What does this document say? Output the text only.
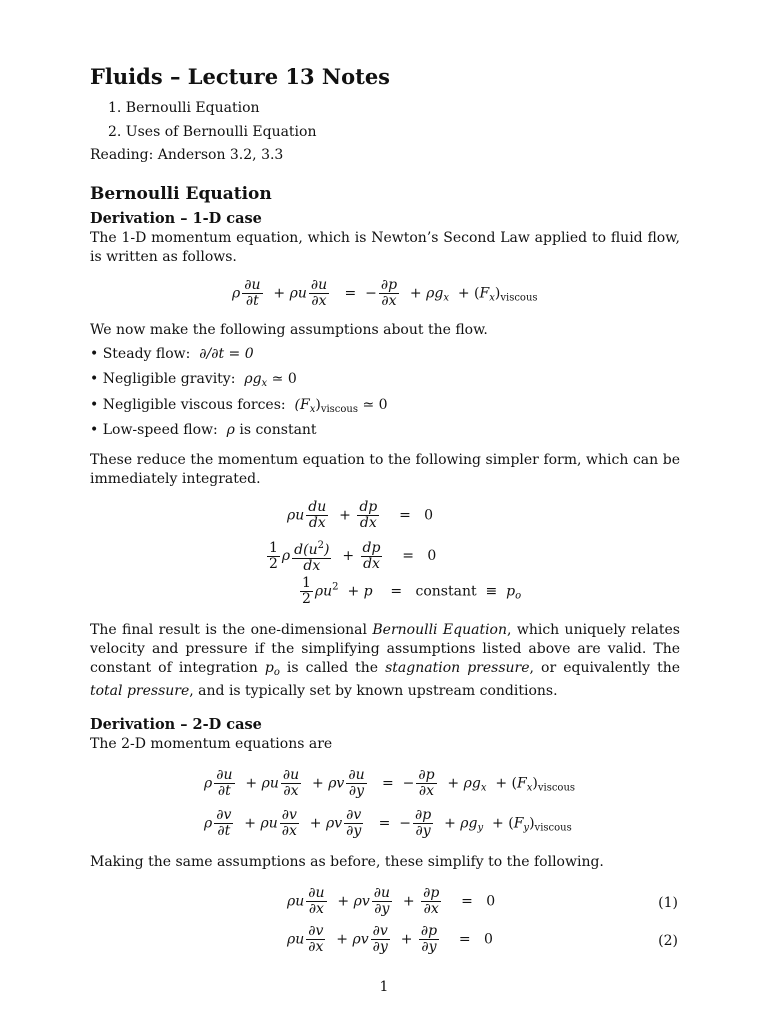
Fluids – Lecture 13 Notes
1. Bernoulli Equation
2. Uses of Bernoulli Equation
Reading: Anderson 3.2, 3.3
Bernoulli Equation
Derivation – 1-D case
The 1-D momentum equation, which is Newton’s Second Law applied to fluid flow, is written as follows.
ρ $\frac{\partial u}{\partial t} + \rho u \frac{\partial u}{\partial x}$ =  − $\frac{\partial p}{\partial x} + \rho g_x + (F_x)_{viscous}$
We now make the following assumptions about the flow.
• Steady flow: ∂/∂t = 0
• Negligible gravity: $\rho g_x$ ≃ 0
• Negligible viscous forces: $(F_x)_{viscous}$ ≃ 0
• Low-speed flow: ρ is constant
These reduce the momentum equation to the following simpler form, which can be immediately integrated.
ρu $\frac{du}{dx} + \frac{dp}{dx} = 0$
$\frac{1}{2}$ ρ $\frac{d(u^2)}{dx} + \frac{dp}{dx} = 0$
$\frac{1}{2} \rho u^2 + p$    =   constant  ≡  $p_o$
The final result is the one-dimensional Bernoulli Equation, which uniquely relates velocity and pressure if the simplifying assumptions listed above are valid. The constant of integration $p_o$ is called the stagnation pressure, or equivalently the total pressure, and is typically set by known upstream conditions.
Derivation – 2-D case
The 2-D momentum equations are
ρ $\frac{\partial u}{\partial t} + \rho u \frac{\partial u}{\partial x} + \rho v \frac{\partial u}{\partial y}$ =  − $\frac{\partial p}{\partial x} + \rho g_x + (F_x)_{viscous}$
ρ $\frac{\partial v}{\partial t} + \rho u \frac{\partial v}{\partial x} + \rho v \frac{\partial v}{\partial y}$ =  − $\frac{\partial p}{\partial y} + \rho g_y + (F_y)_{viscous}$
Making the same assumptions as before, these simplify to the following.
ρu $\frac{\partial u}{\partial x} + \rho v \frac{\partial u}{\partial y} + \frac{\partial p}{\partial x} = 0$	(1)
ρu $\frac{\partial v}{\partial x} + \rho v \frac{\partial v}{\partial y} + \frac{\partial p}{\partial y} = 0$	(2)
1
